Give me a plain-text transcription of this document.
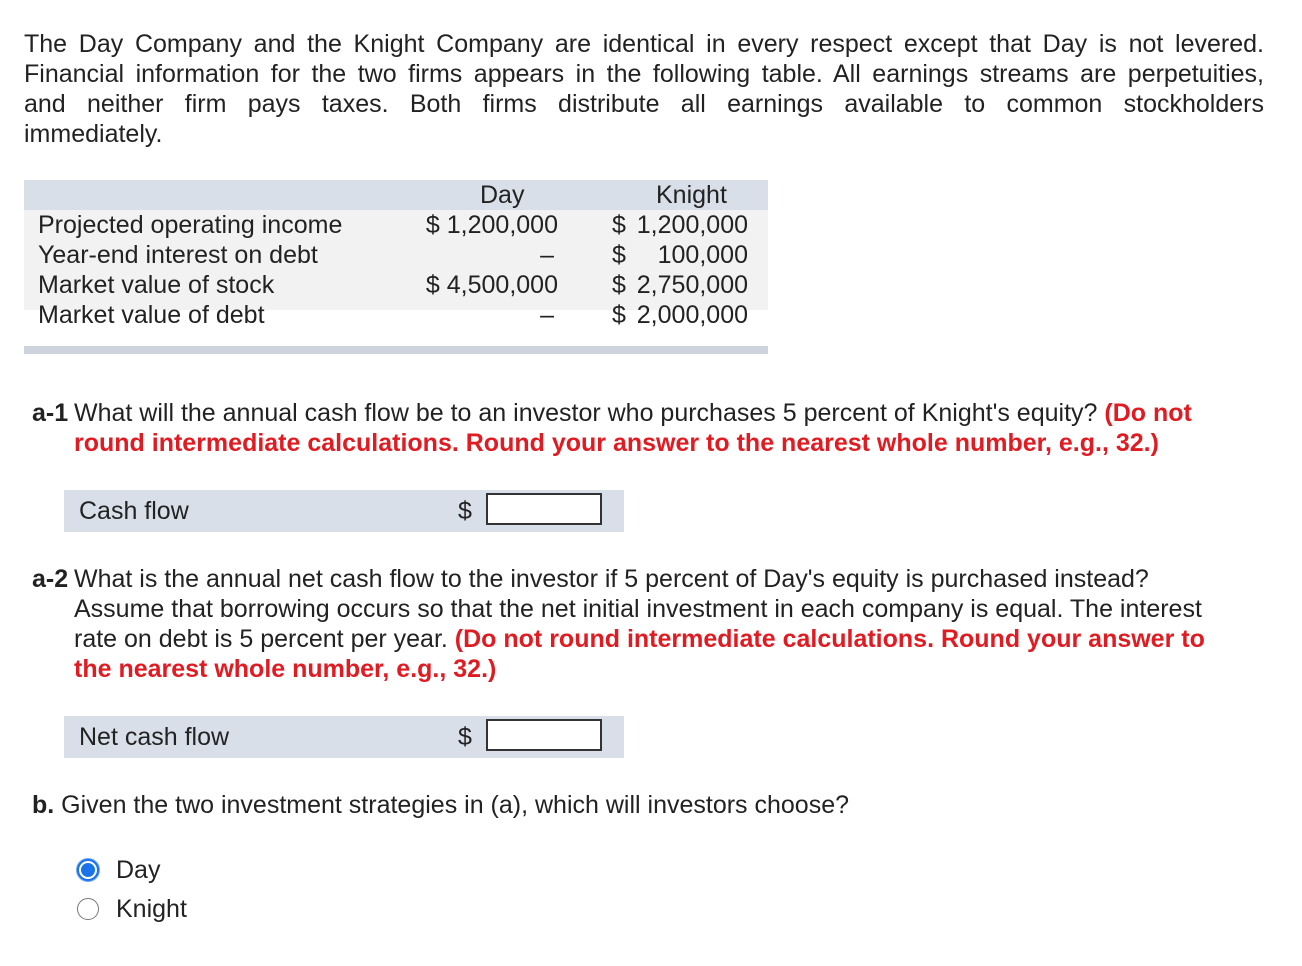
The Day Company and the Knight Company are identical in every respect except that Day is not levered.
Financial information for the two firms appears in the following table. All earnings streams are perpetuities,
and neither firm pays taxes. Both firms distribute all earnings available to common stockholders
immediately.
Day	Knight
Projected operating income	$ 1,200,000 $ 1,200,000
Year-end interest on debt	– $ 100,000
Market value of stock	$ 4,500,000 $ 2,750,000
Market value of debt	– $ 2,000,000
a-1 What will the annual cash flow be to an investor who purchases 5 percent of Knight's equity? (Do not
round intermediate calculations. Round your answer to the nearest whole number, e.g., 32.)
Cash flow	$
a-2 What is the annual net cash flow to the investor if 5 percent of Day's equity is purchased instead?
Assume that borrowing occurs so that the net initial investment in each company is equal. The interest
rate on debt is 5 percent per year. (Do not round intermediate calculations. Round your answer to
the nearest whole number, e.g., 32.)
Net cash flow	$
b. Given the two investment strategies in (a), which will investors choose?
Day
Knight
